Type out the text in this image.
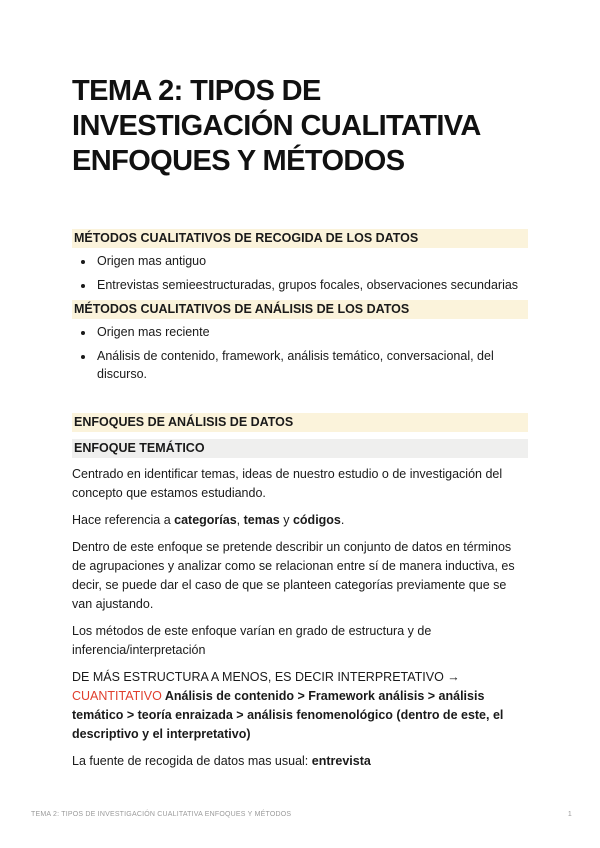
TEMA 2: TIPOS DE
INVESTIGACIÓN CUALITATIVA
ENFOQUES Y MÉTODOS
MÉTODOS CUALITATIVOS DE RECOGIDA DE LOS DATOS
• Origen mas antiguo
• Entrevistas semieestructuradas, grupos focales, observaciones secundarias
MÉTODOS CUALITATIVOS DE ANÁLISIS DE LOS DATOS
• Origen mas reciente
• Análisis de contenido, framework, análisis temático, conversacional, del discurso.
ENFOQUES DE ANÁLISIS DE DATOS
ENFOQUE TEMÁTICO

Centrado en identificar temas, ideas de nuestro estudio o de investigación del concepto que estamos estudiando.

Hace referencia a categorías, temas y códigos.

Dentro de este enfoque se pretende describir un conjunto de datos en términos de agrupaciones y analizar como se relacionan entre sí de manera inductiva, es decir, se puede dar el caso de que se planteen categorías previamente que se van ajustando.

Los métodos de este enfoque varían en grado de estructura y de inferencia/interpretación

DE MÁS ESTRUCTURA A MENOS, ES DECIR INTERPRETATIVO → CUANTITATIVO Análisis de contenido > Framework análisis > análisis temático > teoría enraizada > análisis fenomenológico (dentro de este, el descriptivo y el interpretativo)

La fuente de recogida de datos mas usual: entrevista

TEMA 2: TIPOS DE INVESTIGACIÓN CUALITATIVA ENFOQUES Y MÉTODOS	1
